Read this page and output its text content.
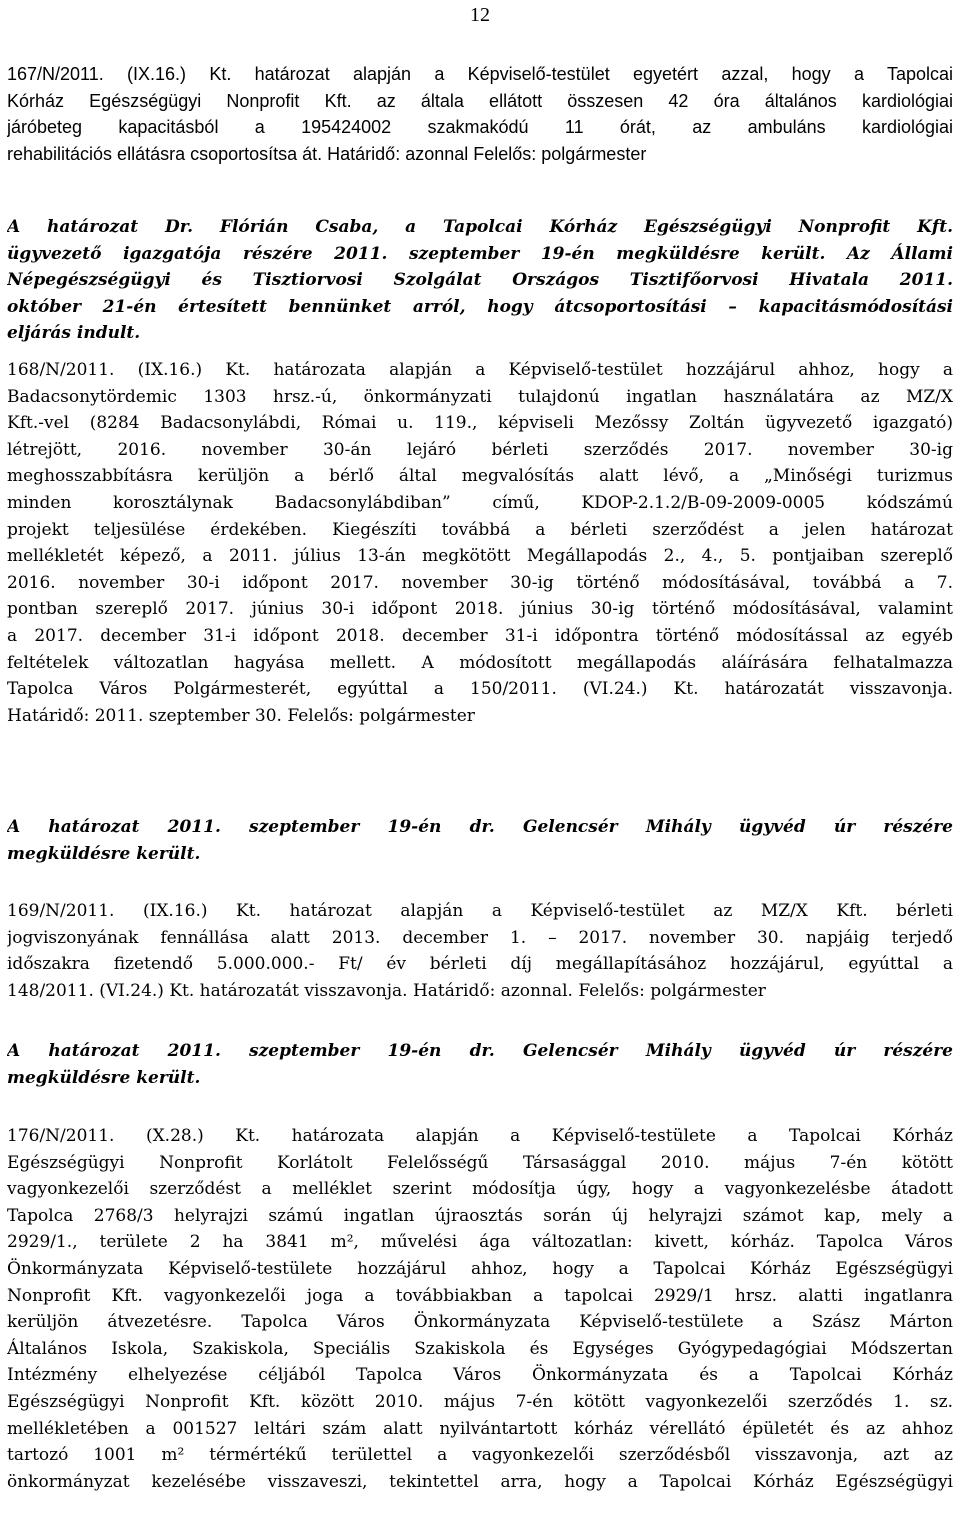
12
167/N/2011. (IX.16.) Kt. határozat alapján a Képviselő-testület egyetért azzal, hogy a Tapolcai
Kórház Egészségügyi Nonprofit Kft. az általa ellátott összesen 42 óra általános kardiológiai
járóbeteg kapacitásból a 195424002 szakmakódú 11 órát, az ambuláns kardiológiai
rehabilitációs ellátásra csoportosítsa át. Határidő: azonnal Felelős: polgármester
A határozat Dr. Flórián Csaba, a Tapolcai Kórház Egészségügyi Nonprofit Kft.
ügyvezető igazgatója részére 2011. szeptember 19-én megküldésre került. Az Állami
Népegészségügyi és Tisztiorvosi Szolgálat Országos Tisztifőorvosi Hivatala 2011.
október 21-én értesített bennünket arról, hogy átcsoportosítási – kapacitásmódosítási
eljárás indult.
168/N/2011. (IX.16.) Kt. határozata alapján a Képviselő-testület hozzájárul ahhoz, hogy a
Badacsonytördemic 1303 hrsz.-ú, önkormányzati tulajdonú ingatlan használatára az MZ/X
Kft.-vel (8284 Badacsonylábdi, Római u. 119., képviseli Mezőssy Zoltán ügyvezető igazgató)
létrejött, 2016. november 30-án lejáró bérleti szerződés 2017. november 30-ig
meghosszabbításra kerüljön a bérlő által megvalósítás alatt lévő, a „Minőségi turizmus
minden korosztálynak Badacsonylábdiban” című, KDOP-2.1.2/B-09-2009-0005 kódszámú
projekt teljesülése érdekében. Kiegészíti továbbá a bérleti szerződést a jelen határozat
mellékletét képező, a 2011. július 13-án megkötött Megállapodás 2., 4., 5. pontjaiban szereplő
2016. november 30-i időpont 2017. november 30-ig történő módosításával, továbbá a 7.
pontban szereplő 2017. június 30-i időpont 2018. június 30-ig történő módosításával, valamint
a 2017. december 31-i időpont 2018. december 31-i időpontra történő módosítással az egyéb
feltételek változatlan hagyása mellett. A módosított megállapodás aláírására felhatalmazza
Tapolca Város Polgármesterét, egyúttal a 150/2011. (VI.24.) Kt. határozatát visszavonja.
Határidő: 2011. szeptember 30. Felelős: polgármester
A határozat 2011. szeptember 19-én dr. Gelencsér Mihály ügyvéd úr részére
megküldésre került.
169/N/2011. (IX.16.) Kt. határozat alapján a Képviselő-testület az MZ/X Kft. bérleti
jogviszonyának fennállása alatt 2013. december 1. – 2017. november 30. napjáig terjedő
időszakra fizetendő 5.000.000.- Ft/ év bérleti díj megállapításához hozzájárul, egyúttal a
148/2011. (VI.24.) Kt. határozatát visszavonja. Határidő: azonnal. Felelős: polgármester
A határozat 2011. szeptember 19-én dr. Gelencsér Mihály ügyvéd úr részére
megküldésre került.
176/N/2011. (X.28.) Kt. határozata alapján a Képviselő-testülete a Tapolcai Kórház
Egészségügyi Nonprofit Korlátolt Felelősségű Társasággal 2010. május 7-én kötött
vagyonkezelői szerződést a melléklet szerint módosítja úgy, hogy a vagyonkezelésbe átadott
Tapolca 2768/3 helyrajzi számú ingatlan újraosztás során új helyrajzi számot kap, mely a
2929/1., területe 2 ha 3841 m², művelési ága változatlan: kivett, kórház. Tapolca Város
Önkormányzata Képviselő-testülete hozzájárul ahhoz, hogy a Tapolcai Kórház Egészségügyi
Nonprofit Kft. vagyonkezelői joga a továbbiakban a tapolcai 2929/1 hrsz. alatti ingatlanra
kerüljön átvezetésre. Tapolca Város Önkormányzata Képviselő-testülete a Szász Márton
Általános Iskola, Szakiskola, Speciális Szakiskola és Egységes Gyógypedagógiai Módszertan
Intézmény elhelyezése céljából Tapolca Város Önkormányzata és a Tapolcai Kórház
Egészségügyi Nonprofit Kft. között 2010. május 7-én kötött vagyonkezelői szerződés 1. sz.
mellékletében a 001527 leltári szám alatt nyilvántartott kórház vérellátó épületét és az ahhoz
tartozó 1001 m² térmértékű területtel a vagyonkezelői szerződésből visszavonja, azt az
önkormányzat kezelésébe visszaveszi, tekintettel arra, hogy a Tapolcai Kórház Egészségügyi
